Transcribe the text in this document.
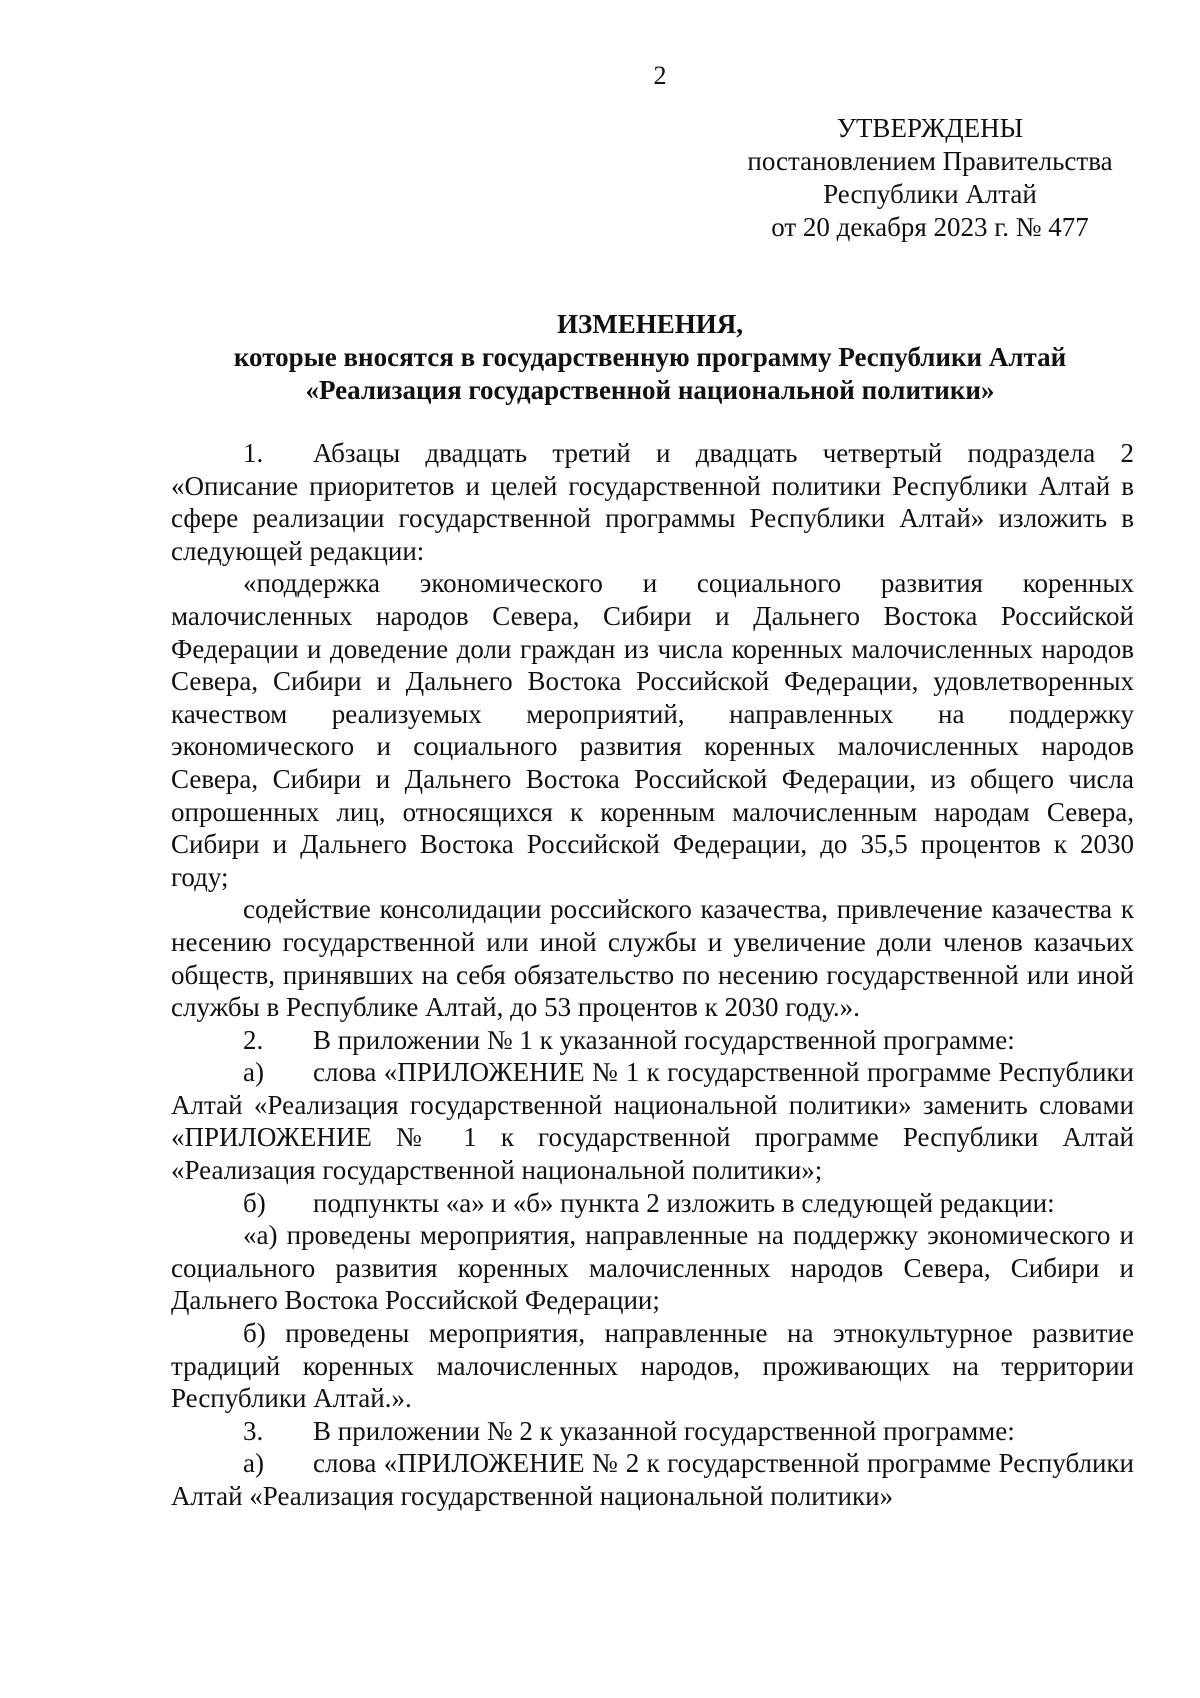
2
УТВЕРЖДЕНЫ
постановлением Правительства
Республики Алтай
от 20 декабря 2023 г. № 477
ИЗМЕНЕНИЯ,
которые вносятся в государственную программу Республики Алтай
«Реализация государственной национальной политики»

1. Абзацы двадцать третий и двадцать четвертый подраздела 2 «Описание приоритетов и целей государственной политики Республики Алтай в сфере реализации государственной программы Республики Алтай» изложить в следующей редакции:

«поддержка экономического и социального развития коренных малочисленных народов Севера, Сибири и Дальнего Востока Российской Федерации и доведение доли граждан из числа коренных малочисленных народов Севера, Сибири и Дальнего Востока Российской Федерации, удовлетворенных качеством реализуемых мероприятий, направленных на поддержку экономического и социального развития коренных малочисленных народов Севера, Сибири и Дальнего Востока Российской Федерации, из общего числа опрошенных лиц, относящихся к коренным малочисленным народам Севера, Сибири и Дальнего Востока Российской Федерации, до 35,5 процентов к 2030 году;

содействие консолидации российского казачества, привлечение казачества к несению государственной или иной службы и увеличение доли членов казачьих обществ, принявших на себя обязательство по несению государственной или иной службы в Республике Алтай, до 53 процентов к 2030 году.».

2. В приложении № 1 к указанной государственной программе:

а) слова «ПРИЛОЖЕНИЕ № 1 к государственной программе Республики Алтай «Реализация государственной национальной политики» заменить словами «ПРИЛОЖЕНИЕ № 1 к государственной программе Республики Алтай «Реализация государственной национальной политики»;

б) подпункты «а» и «б» пункта 2 изложить в следующей редакции:

«а) проведены мероприятия, направленные на поддержку экономического и социального развития коренных малочисленных народов Севера, Сибири и Дальнего Востока Российской Федерации;

б) проведены мероприятия, направленные на этнокультурное развитие традиций коренных малочисленных народов, проживающих на территории Республики Алтай.».

3. В приложении № 2 к указанной государственной программе:

а) слова «ПРИЛОЖЕНИЕ № 2 к государственной программе Республики Алтай «Реализация государственной национальной политики»
